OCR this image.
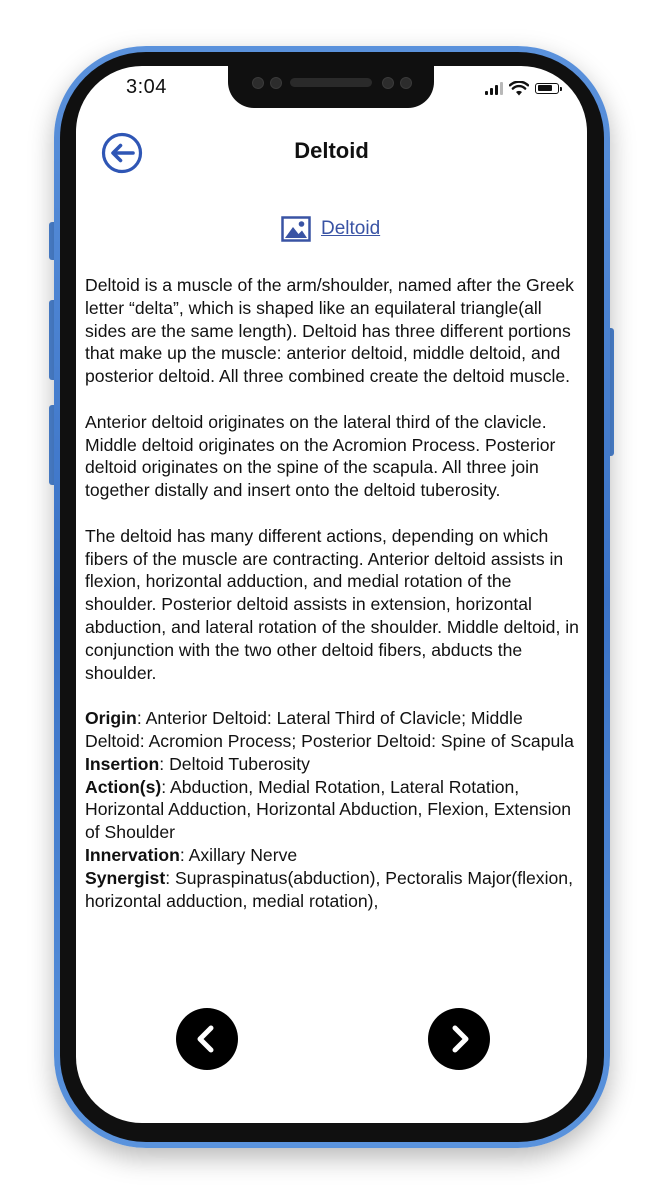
3:04
Deltoid
Deltoid

Deltoid is a muscle of the arm/shoulder, named after the Greek letter “delta”, which is shaped like an equilateral triangle(all sides are the same length). Deltoid has three different portions that make up the muscle: anterior deltoid, middle deltoid, and posterior deltoid. All three combined create the deltoid muscle.

Anterior deltoid originates on the lateral third of the clavicle. Middle deltoid originates on the Acromion Process. Posterior deltoid originates on the spine of the scapula. All three join together distally and insert onto the deltoid tuberosity.

The deltoid has many different actions, depending on which fibers of the muscle are contracting. Anterior deltoid assists in flexion, horizontal adduction, and medial rotation of the shoulder. Posterior deltoid assists in extension, horizontal abduction, and lateral rotation of the shoulder. Middle deltoid, in conjunction with the two other deltoid fibers, abducts the shoulder.

Origin: Anterior Deltoid: Lateral Third of Clavicle; Middle Deltoid: Acromion Process; Posterior Deltoid: Spine of Scapula
Insertion: Deltoid Tuberosity
Action(s): Abduction, Medial Rotation, Lateral Rotation, Horizontal Adduction, Horizontal Abduction, Flexion, Extension of Shoulder
Innervation: Axillary Nerve
Synergist: Supraspinatus(abduction), Pectoralis Major(flexion, horizontal adduction, medial rotation),
